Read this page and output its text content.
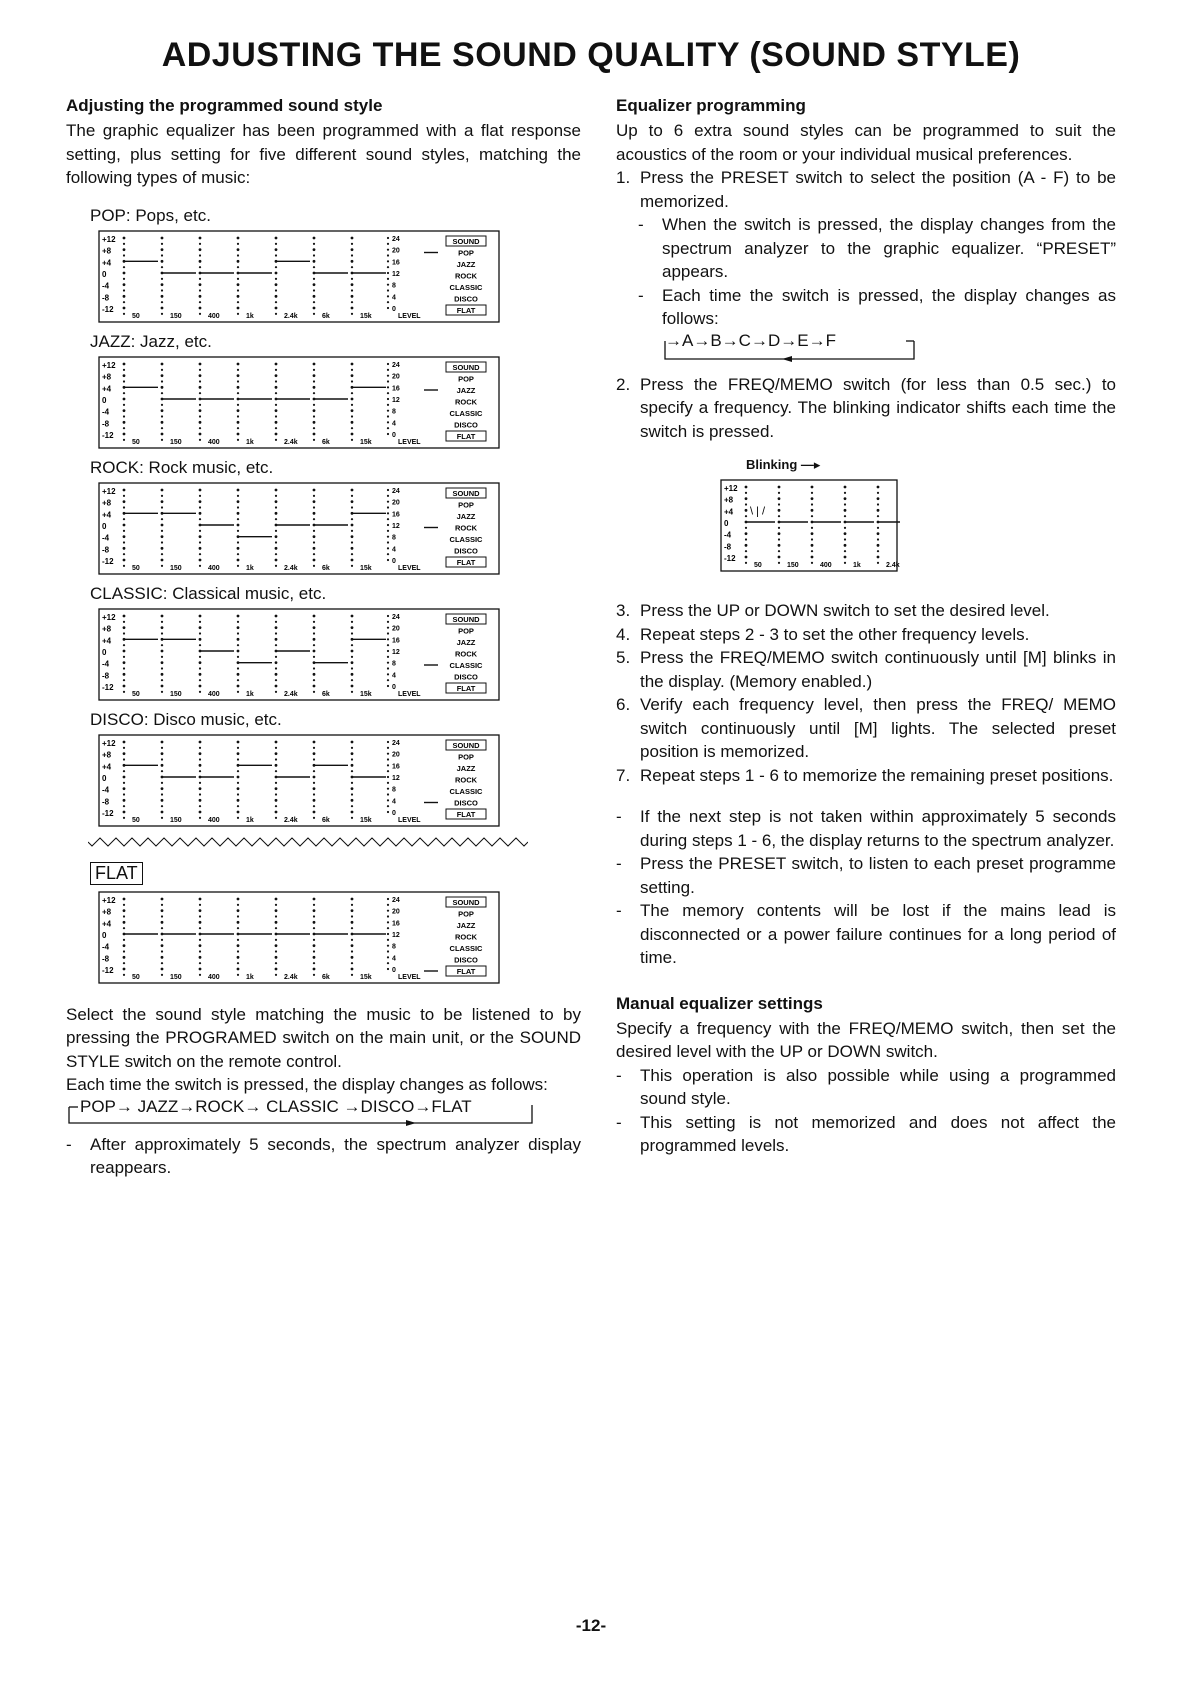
ADJUSTING THE SOUND QUALITY (SOUND STYLE)
Adjusting the programmed sound style

The graphic equalizer has been programmed with a flat response setting, plus setting for five different sound styles, matching the following types of music:

POP: Pops, etc.
+12
+8
+4
0
-4
-8
-12
50	150	400	1k	2.4k	6k	15k	LEVEL
24
20
16
12
8
4
0
SOUND
POP
JAZZ
ROCK
CLASSIC
DISCO
FLAT
JAZZ: Jazz, etc.
+12
+8
+4
0
-4
-8
-12
50	150	400	1k	2.4k	6k	15k	LEVEL
24
20
16
12
8
4
0
SOUND
POP
JAZZ
ROCK
CLASSIC
DISCO
FLAT
ROCK: Rock music, etc.
+12
+8
+4
0
-4
-8
-12
50	150	400	1k	2.4k	6k	15k	LEVEL
24
20
16
12
8
4
0
SOUND
POP
JAZZ
ROCK
CLASSIC
DISCO
FLAT
CLASSIC: Classical music, etc.
+12
+8
+4
0
-4
-8
-12
50	150	400	1k	2.4k	6k	15k	LEVEL
24
20
16
12
8
4
0
SOUND
POP
JAZZ
ROCK
CLASSIC
DISCO
FLAT
DISCO: Disco music, etc.
+12
+8
+4
0
-4
-8
-12
50	150	400	1k	2.4k	6k	15k	LEVEL
24
20
16
12
8
4
0
SOUND
POP
JAZZ
ROCK
CLASSIC
DISCO
FLAT
FLAT
+12
+8
+4
0
-4
-8
-12
50	150	400	1k	2.4k	6k	15k	LEVEL
24
20
16
12
8
4
0
SOUND
POP
JAZZ
ROCK
CLASSIC
DISCO
FLAT

Select the sound style matching the music to be listened to by pressing the PROGRAMED switch on the main unit, or the SOUND STYLE switch on the remote control.

Each time the switch is pressed, the display changes as follows:

POP→ JAZZ→ROCK→ CLASSIC →DISCO→FLAT
-	After approximately 5 seconds, the spectrum analyzer display reappears.
Equalizer programming

Up to 6 extra sound styles can be programmed to suit the acoustics of the room or your individual musical preferences.

1. Press the PRESET switch to select the position (A - F) to be memorized.
-	When the switch is pressed, the display changes from the spectrum analyzer to the graphic equalizer. “PRESET” appears.
-	Each time the switch is pressed, the display changes as follows:
→A→B→C→D→E→F
2. Press the FREQ/MEMO switch (for less than 0.5 sec.) to specify a frequency. The blinking indicator shifts each time the switch is pressed.
Blinking —▸
+12
+8
+4
0
-4
-8
-12
50	150	400	1k	2.4k
\ | /
3. Press the UP or DOWN switch to set the desired level.
4. Repeat steps 2 - 3 to set the other frequency levels.
5. Press the FREQ/MEMO switch continuously until [M] blinks in the display. (Memory enabled.)
6. Verify each frequency level, then press the FREQ/ MEMO switch continuously until [M] lights. The selected preset position is memorized.
7. Repeat steps 1 - 6 to memorize the remaining preset positions.
-	If the next step is not taken within approximately 5 seconds during steps 1 - 6, the display returns to the spectrum analyzer.
-	Press the PRESET switch, to listen to each preset programme setting.
-	The memory contents will be lost if the mains lead is disconnected or a power failure continues for a long period of time.
Manual equalizer settings

Specify a frequency with the FREQ/MEMO switch, then set the desired level with the UP or DOWN switch.

-	This operation is also possible while using a programmed sound style.
-	This setting is not memorized and does not affect the programmed levels.
-12-
